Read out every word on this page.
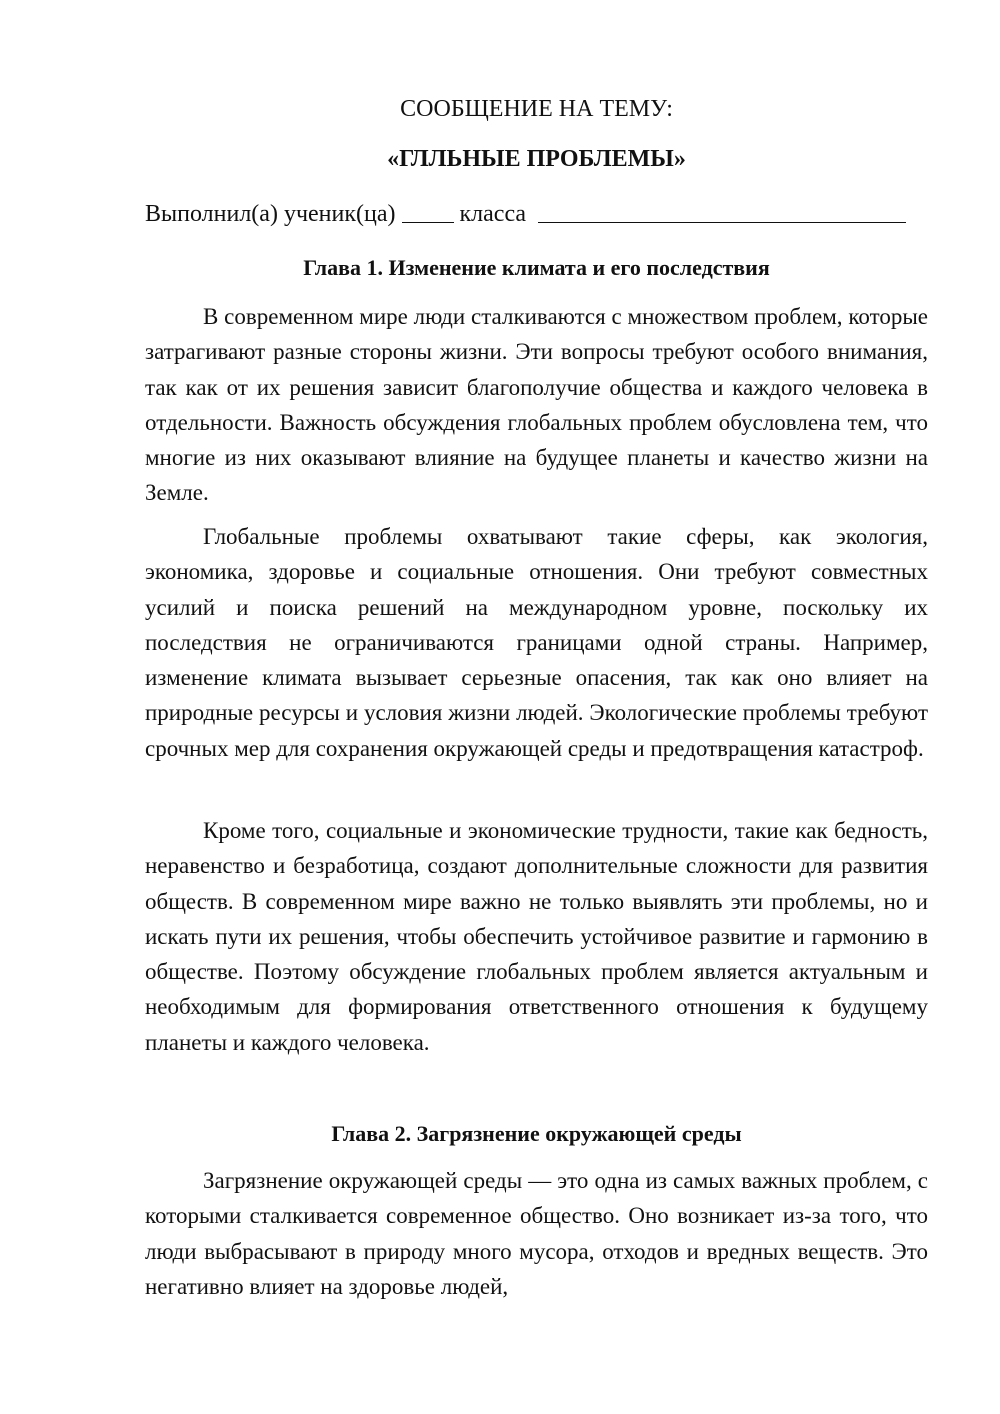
СООБЩЕНИЕ НА ТЕМУ:
«ГЛЛЬНЫЕ ПРОБЛЕМЫ»
Выполнил(а) ученик(ца)	класса
Глава 1. Изменение климата и его последствия

В современном мире люди сталкиваются с множеством проблем, которые затрагивают разные стороны жизни. Эти вопросы требуют особого внимания, так как от их решения зависит благополучие общества и каждого человека в отдельности. Важность обсуждения глобальных проблем обусловлена тем, что многие из них оказывают влияние на будущее планеты и качество жизни на Земле.

Глобальные проблемы охватывают такие сферы, как экология, экономика, здоровье и социальные отношения. Они требуют совместных усилий и поиска решений на международном уровне, поскольку их последствия не ограничиваются границами одной страны. Например, изменение климата вызывает серьезные опасения, так как оно влияет на природные ресурсы и условия жизни людей. Экологические проблемы требуют срочных мер для сохранения окружающей среды и предотвращения катастроф.

Кроме того, социальные и экономические трудности, такие как бедность, неравенство и безработица, создают дополнительные сложности для развития обществ. В современном мире важно не только выявлять эти проблемы, но и искать пути их решения, чтобы обеспечить устойчивое развитие и гармонию в обществе. Поэтому обсуждение глобальных проблем является актуальным и необходимым для формирования ответственного отношения к будущему планеты и каждого человека.

Глава 2. Загрязнение окружающей среды

Загрязнение окружающей среды — это одна из самых важных проблем, с которыми сталкивается современное общество. Оно возникает из-за того, что люди выбрасывают в природу много мусора, отходов и вредных веществ. Это негативно влияет на здоровье людей,
